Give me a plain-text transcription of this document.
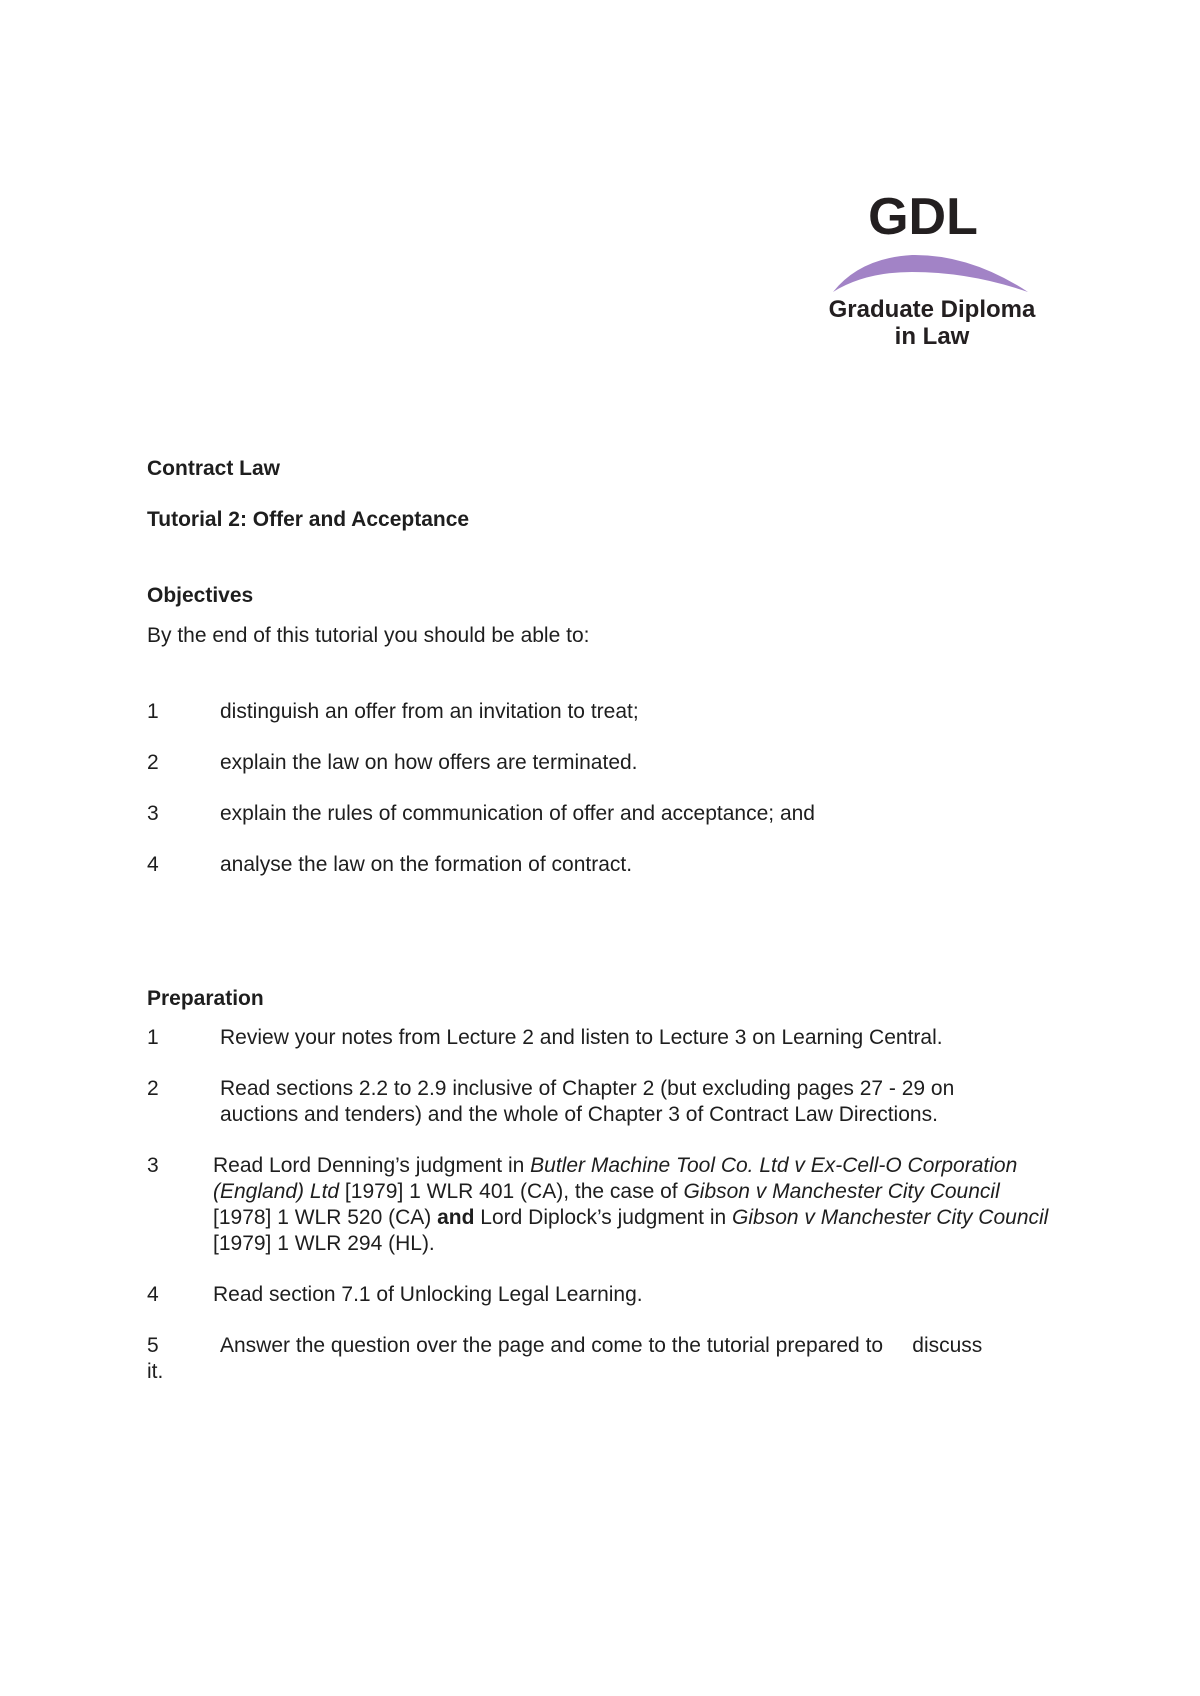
GDL
Graduate Diploma
in Law

Contract Law

Tutorial 2: Offer and Acceptance

Objectives

By the end of this tutorial you should be able to:

1	distinguish an offer from an invitation to treat;
2	explain the law on how offers are terminated.
3	explain the rules of communication of offer and acceptance; and
4	analyse the law on the formation of contract.

Preparation

1	Review your notes from Lecture 2 and listen to Lecture 3 on Learning Central.
2	Read sections 2.2 to 2.9 inclusive of Chapter 2 (but excluding pages 27 - 29 on auctions and tenders) and the whole of Chapter 3 of Contract Law Directions.
3	Read Lord Denning’s judgment in Butler Machine Tool Co. Ltd v Ex-Cell-O Corporation (England) Ltd [1979] 1 WLR 401 (CA), the case of Gibson v Manchester City Council [1978] 1 WLR 520 (CA) and Lord Diplock’s judgment in Gibson v Manchester City Council [1979] 1 WLR 294 (HL).
4	Read section 7.1 of Unlocking Legal Learning.
5	Answer the question over the page and come to the tutorial prepared to     discuss
it.
